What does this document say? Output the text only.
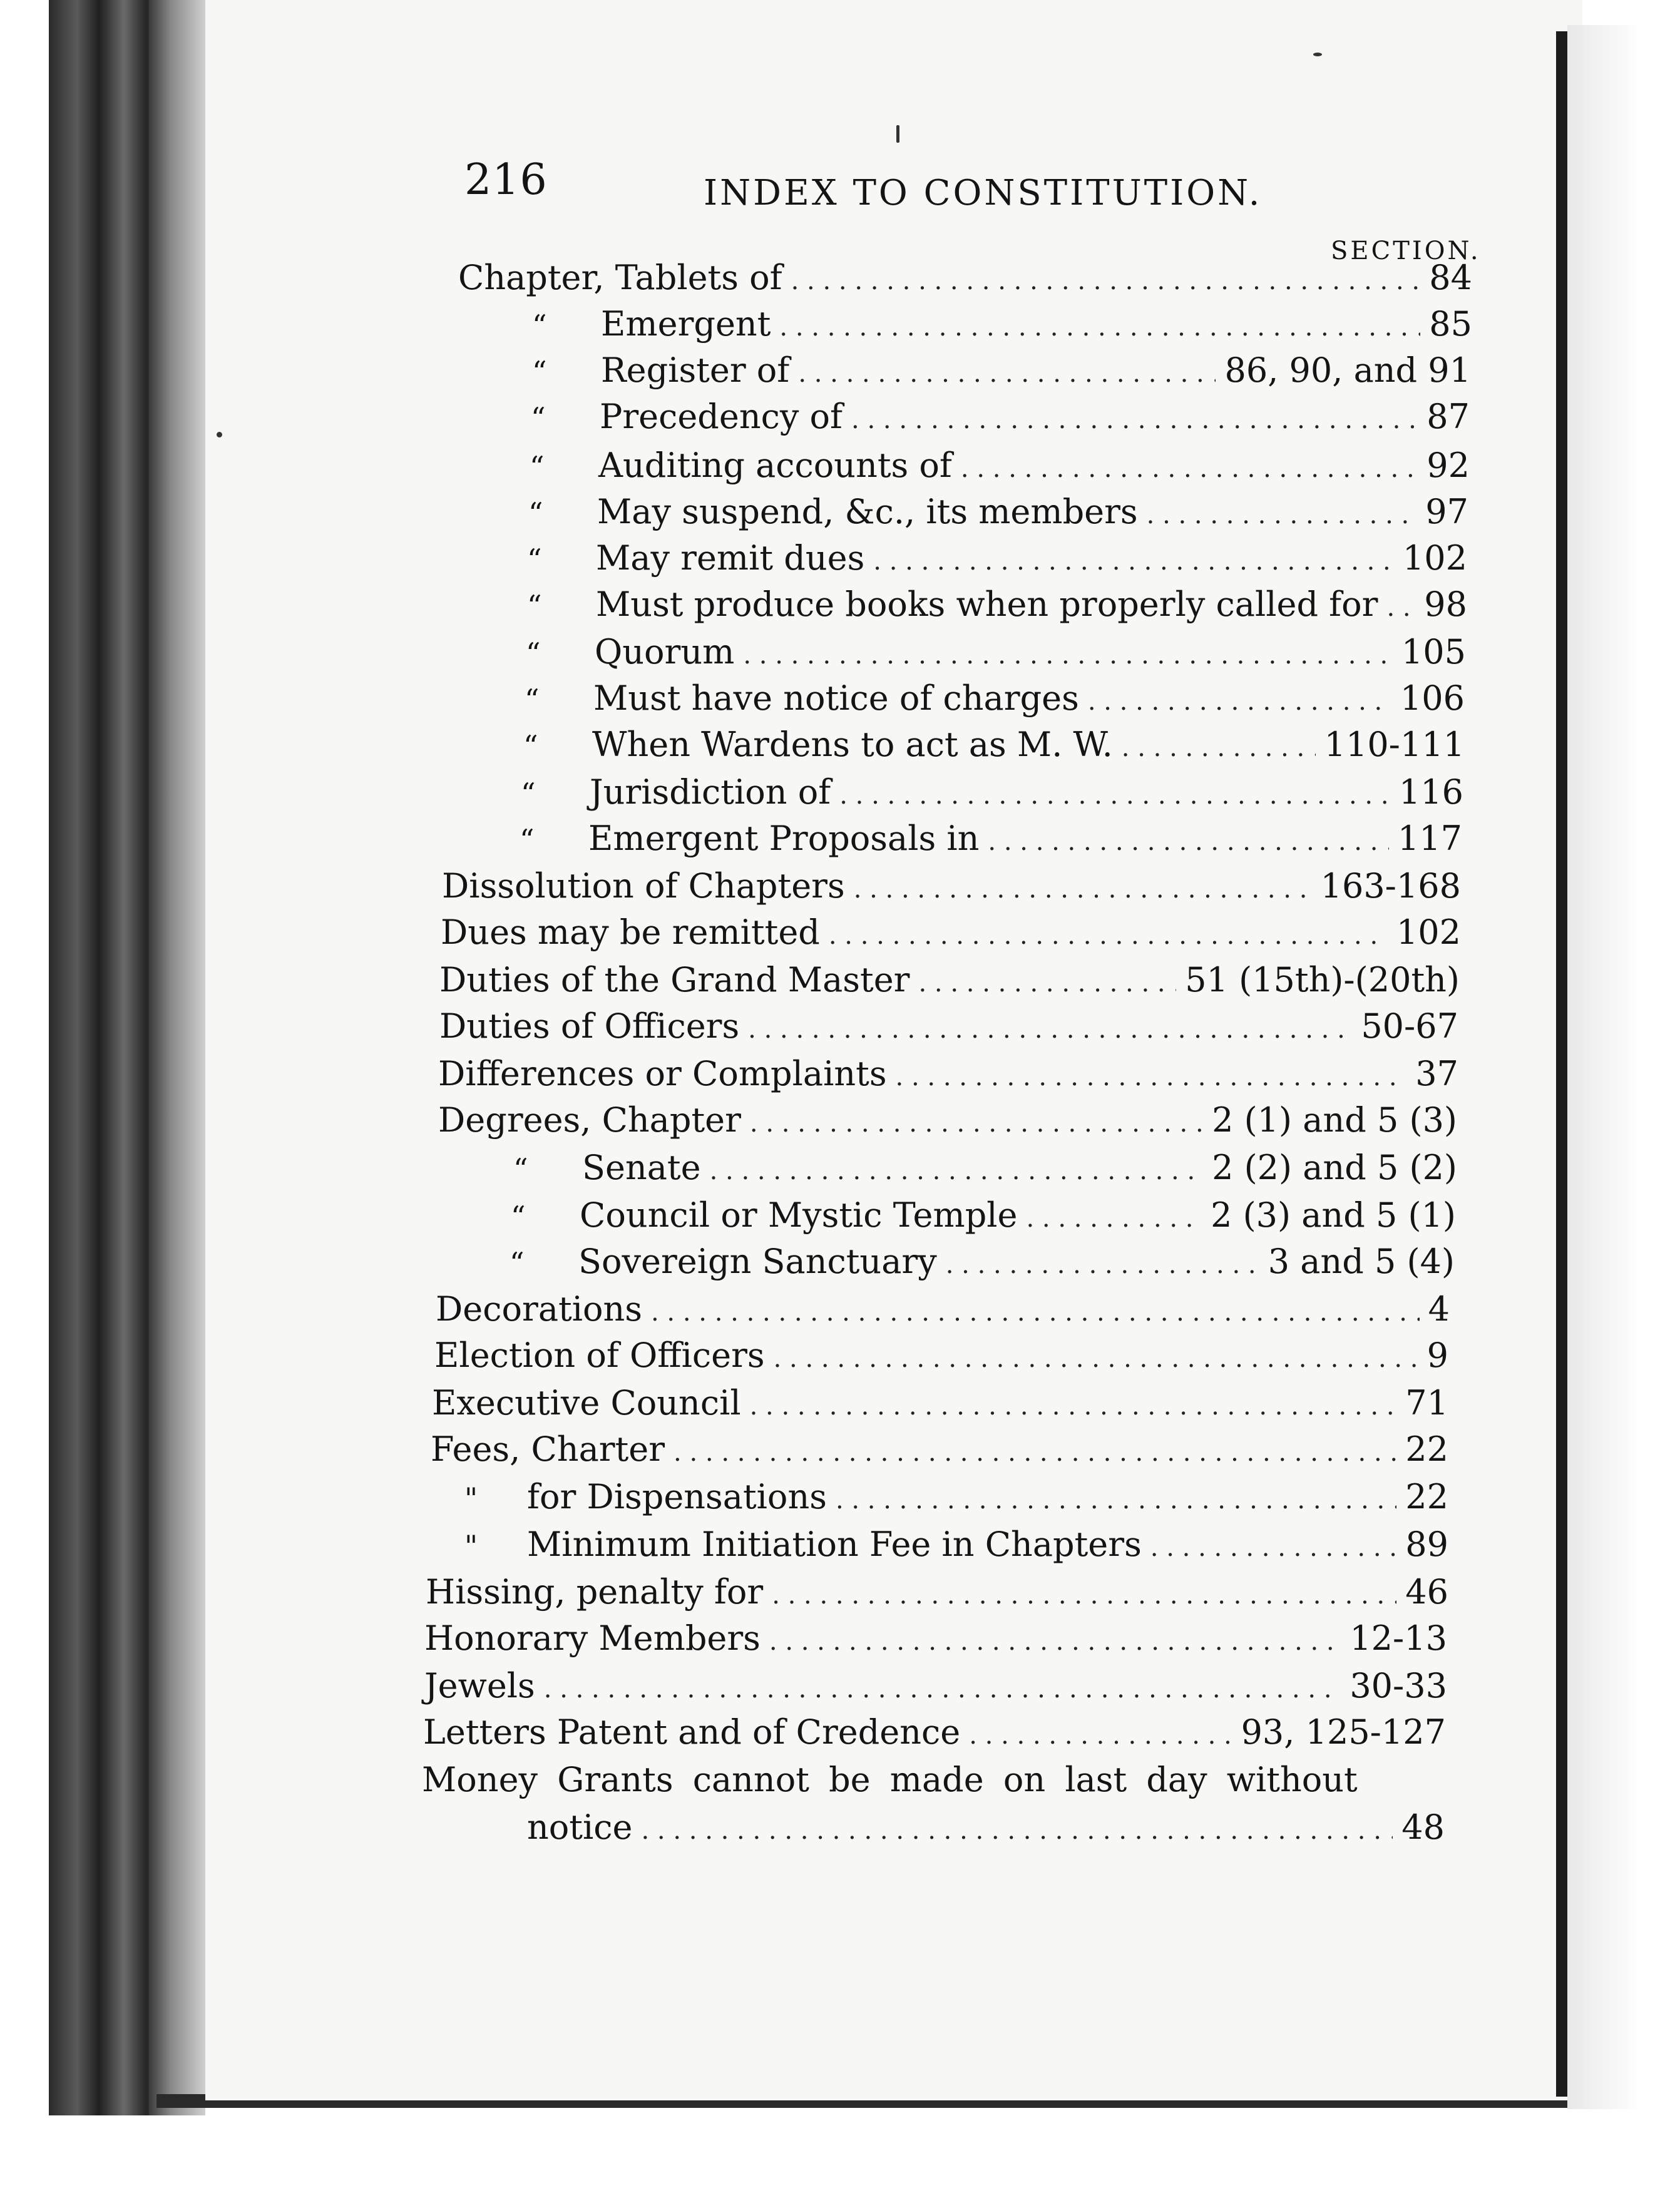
216	INDEX TO CONSTITUTION.
SECTION.
Chapter, Tablets of . . .	84
“	Emergent . . .	85
“	Register of . . .	86, 90, and 91
“	Precedency of . . .	87
“	Auditing accounts of . . .	92
“	May suspend, &c., its members . . .	97
“	May remit dues . . .	102
“	Must produce books when properly called for . . . 98
“	Quorum . . .	105
“	Must have notice of charges . . .	106
“	When Wardens to act as M. W. . . .	110-111
“	Jurisdiction of . . .	116
“	Emergent Proposals in . . .	117
Dissolution of Chapters . . .	163-168
Dues may be remitted . . .	102
Duties of the Grand Master . . .	51 (15th)-(20th)
Duties of Officers . . .	50-67
Differences or Complaints . . .	37
Degrees, Chapter . . .	2 (1) and 5 (3)
“	Senate . . .	2 (2) and 5 (2)
“	Council or Mystic Temple . . .	2 (3) and 5 (1)
“	Sovereign Sanctuary . . .	3 and 5 (4)
Decorations . . .	4
Election of Officers . . .	9
Executive Council . . .	71
Fees, Charter . . .	22
"	for Dispensations . . .	22
"	Minimum Initiation Fee in Chapters . . .	89
Hissing, penalty for . . .	46
Honorary Members . . .	12-13
Jewels . . .	30-33
Letters Patent and of Credence . . .	93, 125-127
Money Grants cannot be made on last day without
notice . . .	48
